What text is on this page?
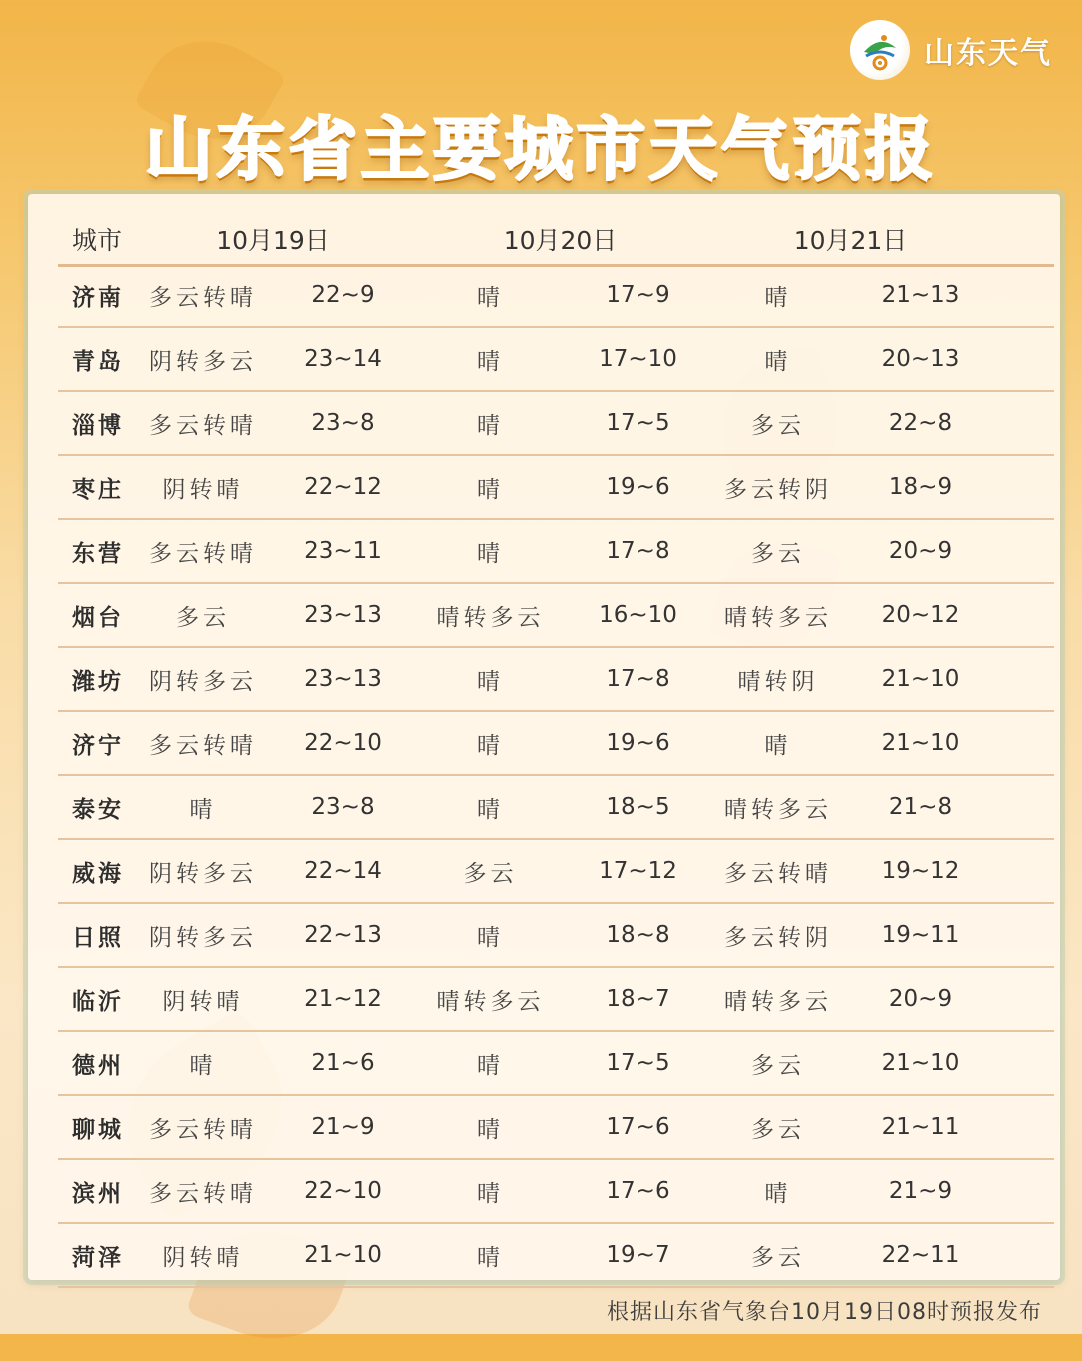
山东天气
山东省主要城市天气预报
城市	10月19日	10月20日	10月21日
济南	多云转晴	22~9	晴	17~9	晴	21~13
青岛	阴转多云	23~14	晴	17~10	晴	20~13
淄博	多云转晴	23~8	晴	17~5	多云	22~8
枣庄	阴转晴	22~12	晴	19~6	多云转阴	18~9
东营	多云转晴	23~11	晴	17~8	多云	20~9
烟台	多云	23~13	晴转多云	16~10	晴转多云	20~12
潍坊	阴转多云	23~13	晴	17~8	晴转阴	21~10
济宁	多云转晴	22~10	晴	19~6	晴	21~10
泰安	晴	23~8	晴	18~5	晴转多云	21~8
威海	阴转多云	22~14	多云	17~12	多云转晴	19~12
日照	阴转多云	22~13	晴	18~8	多云转阴	19~11
临沂	阴转晴	21~12	晴转多云	18~7	晴转多云	20~9
德州	晴	21~6	晴	17~5	多云	21~10
聊城	多云转晴	21~9	晴	17~6	多云	21~11
滨州	多云转晴	22~10	晴	17~6	晴	21~9
菏泽	阴转晴	21~10	晴	19~7	多云	22~11
根据山东省气象台10月19日08时预报发布
